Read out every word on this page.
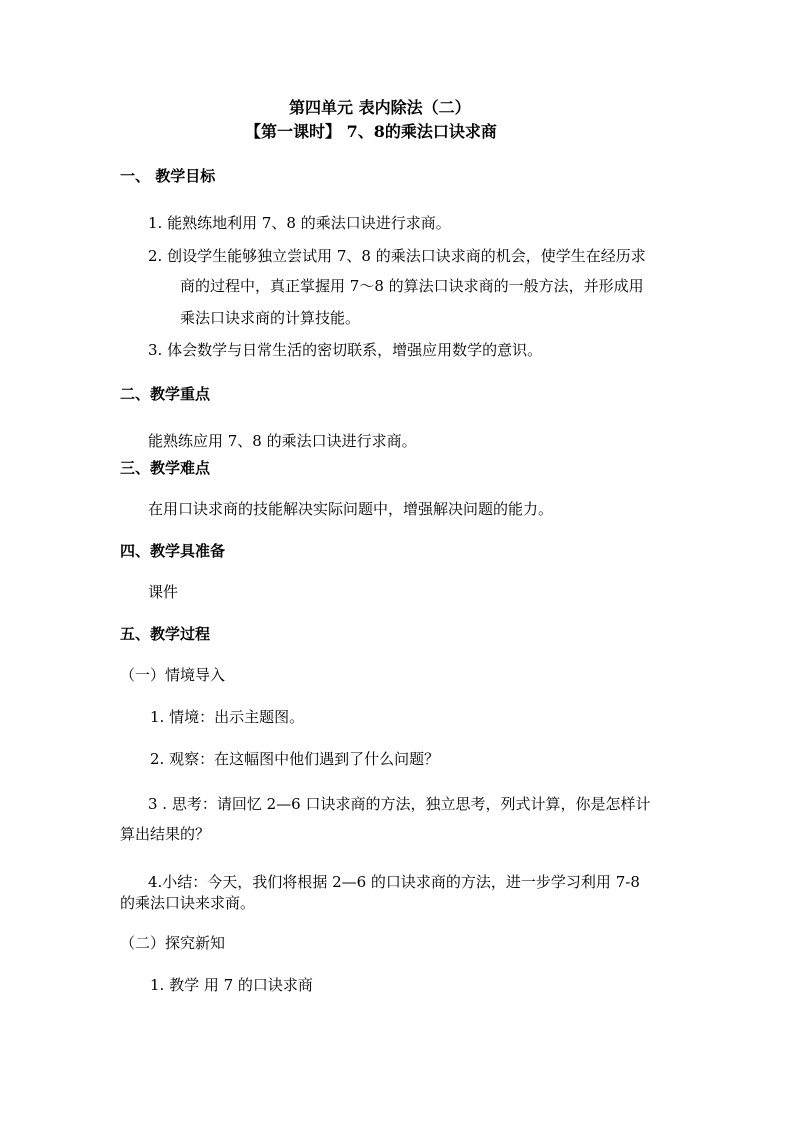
第四单元 表内除法（二）
【第一课时】 7、8的乘法口诀求商
一、 教学目标
1. 能熟练地利用 7、8 的乘法口诀进行求商。
2. 创设学生能够独立尝试用 7、8 的乘法口诀求商的机会，使学生在经历求
商的过程中，真正掌握用 7～8 的算法口诀求商的一般方法，并形成用
乘法口诀求商的计算技能。
3. 体会数学与日常生活的密切联系，增强应用数学的意识。
二、教学重点
能熟练应用 7、8 的乘法口诀进行求商。
三、教学难点
在用口诀求商的技能解决实际问题中，增强解决问题的能力。
四、教学具准备
课件
五、教学过程
（一）情境导入
1. 情境：出示主题图。
2. 观察：在这幅图中他们遇到了什么问题？
3 . 思考：请回忆 2—6 口诀求商的方法，独立思考，列式计算，你是怎样计
算出结果的？
4.小结：今天，我们将根据 2—6 的口诀求商的方法，进一步学习利用 7-8
的乘法口诀来求商。
（二）探究新知
1. 教学 用 7 的口诀求商
